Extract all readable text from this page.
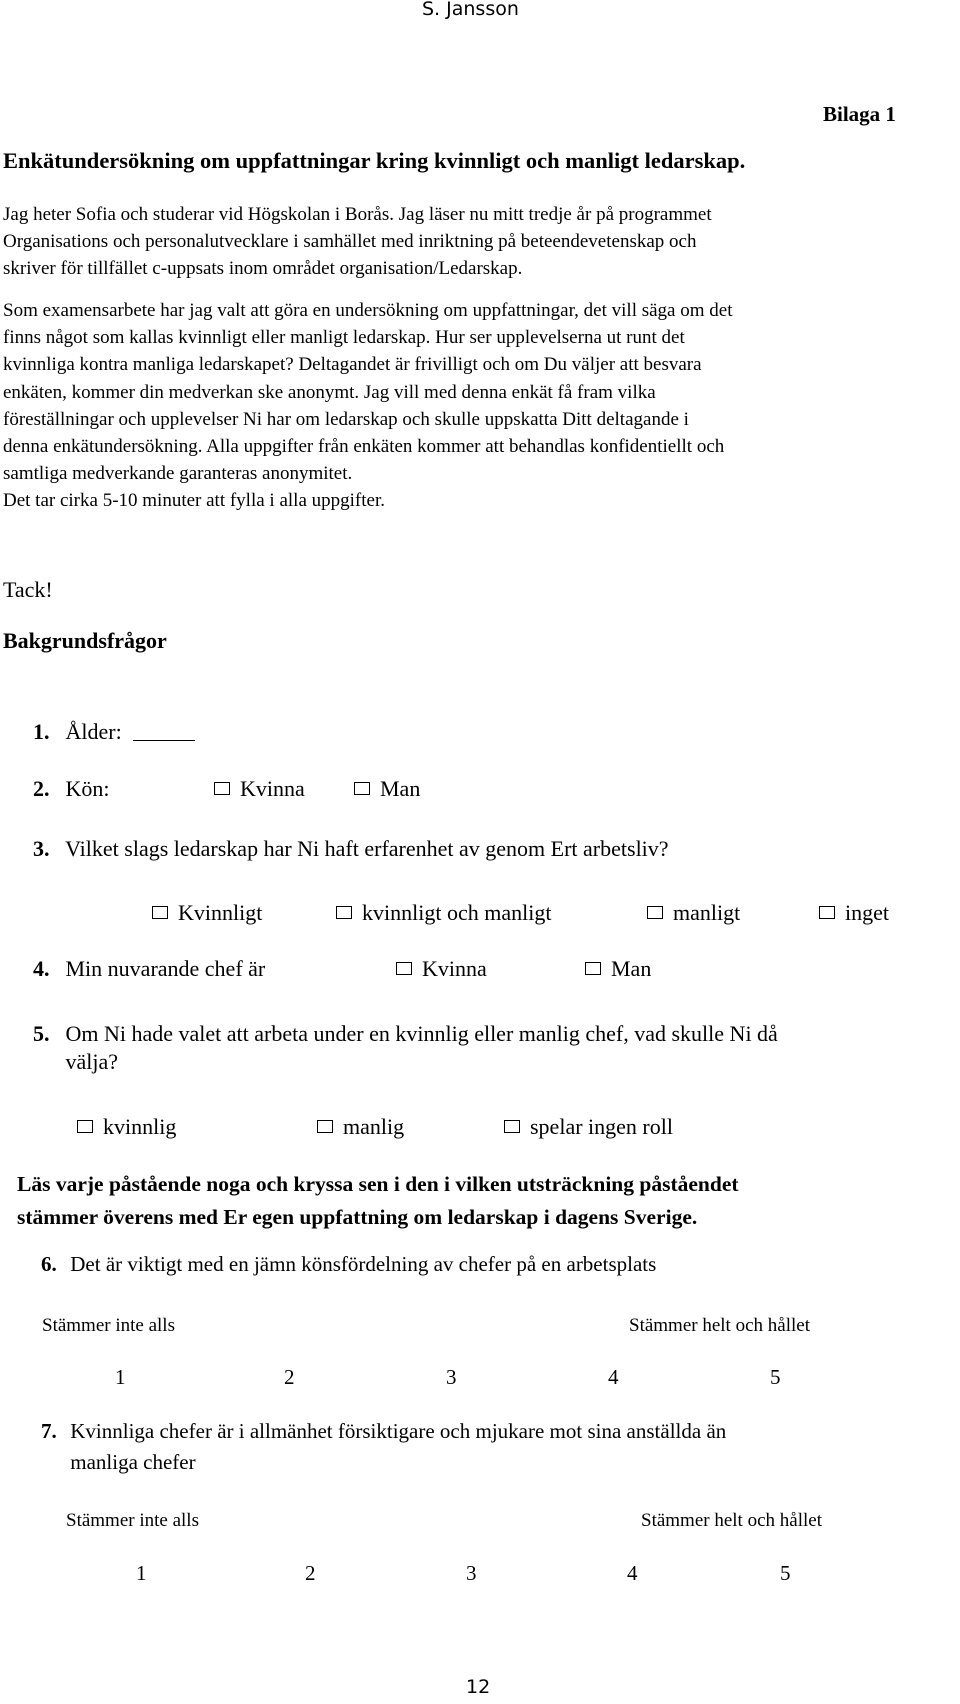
S. Jansson
Bilaga 1
Enkätundersökning om uppfattningar kring kvinnligt och manligt ledarskap.
Jag heter Sofia och studerar vid Högskolan i Borås. Jag läser nu mitt tredje år på programmet
Organisations och personalutvecklare i samhället med inriktning på beteendevetenskap och
skriver för tillfället c-uppsats inom området organisation/Ledarskap.
Som examensarbete har jag valt att göra en undersökning om uppfattningar, det vill säga om det
finns något som kallas kvinnligt eller manligt ledarskap. Hur ser upplevelserna ut runt det
kvinnliga kontra manliga ledarskapet? Deltagandet är frivilligt och om Du väljer att besvara
enkäten, kommer din medverkan ske anonymt. Jag vill med denna enkät få fram vilka
föreställningar och upplevelser Ni har om ledarskap och skulle uppskatta Ditt deltagande i
denna enkätundersökning. Alla uppgifter från enkäten kommer att behandlas konfidentiellt och
samtliga medverkande garanteras anonymitet.
Det tar cirka 5-10 minuter att fylla i alla uppgifter.
Tack!
Bakgrundsfrågor
1. Ålder:
2. Kön:	Kvinna	Man
3. Vilket slags ledarskap har Ni haft erfarenhet av genom Ert arbetsliv?
Kvinnligt	kvinnligt och manligt	manligt	inget
4. Min nuvarande chef är	Kvinna	Man
5. Om Ni hade valet att arbeta under en kvinnlig eller manlig chef, vad skulle Ni då
välja?
kvinnlig	manlig	spelar ingen roll
Läs varje påstående noga och kryssa sen i den i vilken utsträckning påståendet
stämmer överens med Er egen uppfattning om ledarskap i dagens Sverige.
6. Det är viktigt med en jämn könsfördelning av chefer på en arbetsplats
Stämmer inte alls	Stämmer helt och hållet
1	2	3	4	5
7. Kvinnliga chefer är i allmänhet försiktigare och mjukare mot sina anställda än
manliga chefer
Stämmer inte alls	Stämmer helt och hållet
1	2	3	4	5
12
